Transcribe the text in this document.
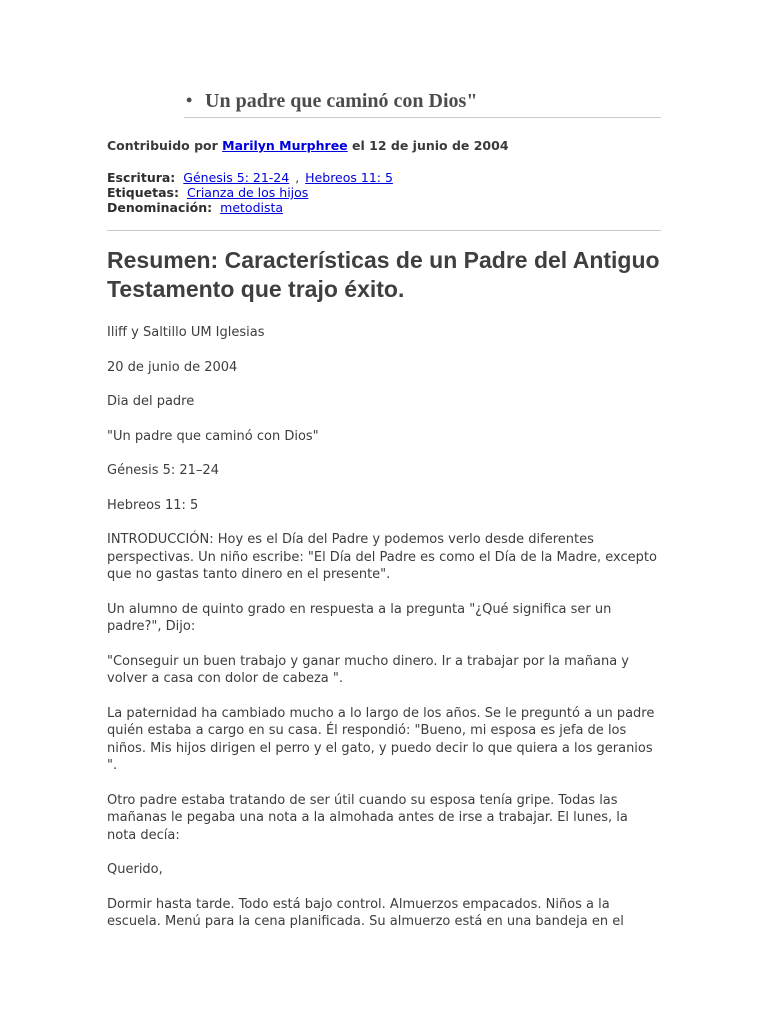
• Un padre que caminó con Dios"
Contribuido por Marilyn Murphree el 12 de junio de 2004
Escritura: Génesis 5: 21-24 , Hebreos 11: 5
Etiquetas: Crianza de los hijos
Denominación: metodista
Resumen: Características de un Padre del Antiguo Testamento que trajo éxito.

Iliff y Saltillo UM Iglesias

20 de junio de 2004

Dia del padre

"Un padre que caminó con Dios"

Génesis 5: 21–24

Hebreos 11: 5

INTRODUCCIÓN: Hoy es el Día del Padre y podemos verlo desde diferentes perspectivas. Un niño escribe: "El Día del Padre es como el Día de la Madre, excepto que no gastas tanto dinero en el presente".

Un alumno de quinto grado en respuesta a la pregunta "¿Qué significa ser un padre?", Dijo:

"Conseguir un buen trabajo y ganar mucho dinero. Ir a trabajar por la mañana y volver a casa con dolor de cabeza ".

La paternidad ha cambiado mucho a lo largo de los años. Se le preguntó a un padre quién estaba a cargo en su casa. Él respondió: "Bueno, mi esposa es jefa de los niños. Mis hijos dirigen el perro y el gato, y puedo decir lo que quiera a los geranios ".

Otro padre estaba tratando de ser útil cuando su esposa tenía gripe. Todas las mañanas le pegaba una nota a la almohada antes de irse a trabajar. El lunes, la nota decía:

Querido,

Dormir hasta tarde. Todo está bajo control. Almuerzos empacados. Niños a la escuela. Menú para la cena planificada. Su almuerzo está en una bandeja en el
